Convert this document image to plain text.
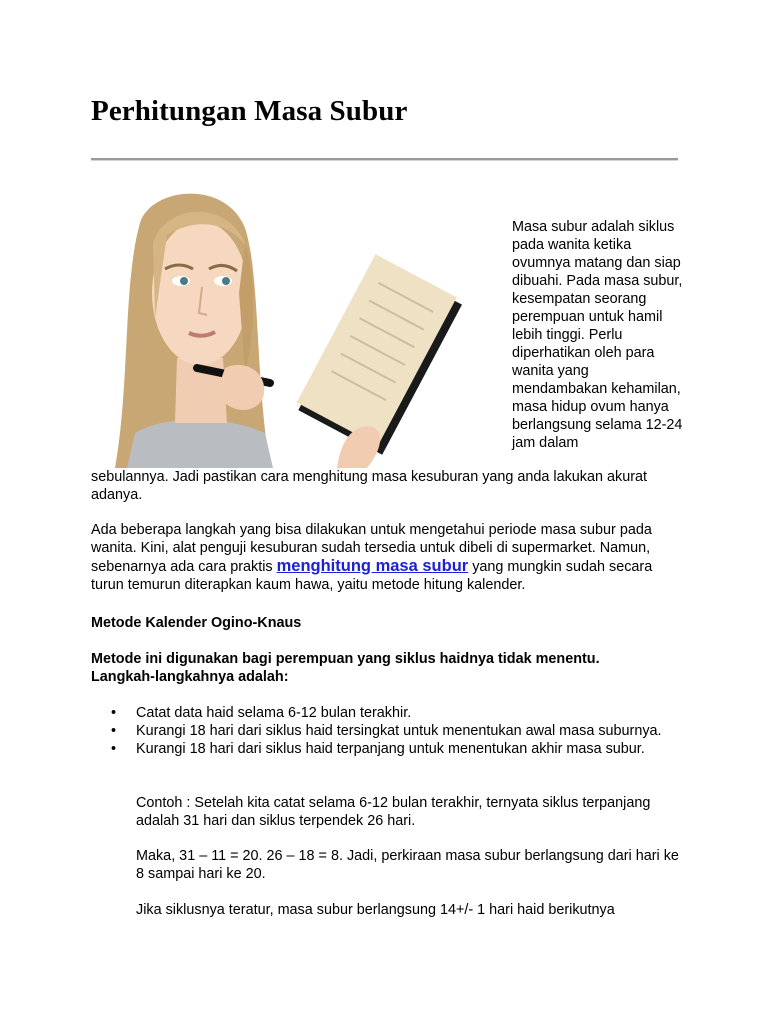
Perhitungan Masa Subur

Masa subur adalah siklus pada wanita ketika ovumnya matang dan siap dibuahi. Pada masa subur, kesempatan seorang perempuan untuk hamil lebih tinggi. Perlu diperhatikan oleh para wanita yang mendambakan kehamilan, masa hidup ovum hanya berlangsung selama 12-24 jam dalam

sebulannya. Jadi pastikan cara menghitung masa kesuburan yang anda lakukan akurat adanya.

Ada beberapa langkah yang bisa dilakukan untuk mengetahui periode masa subur pada wanita. Kini, alat penguji kesuburan sudah tersedia untuk dibeli di supermarket. Namun, sebenarnya ada cara praktis menghitung masa subur yang mungkin sudah secara turun temurun diterapkan kaum hawa, yaitu metode hitung kalender.

Metode Kalender Ogino-Knaus

Metode ini digunakan bagi perempuan yang siklus haidnya tidak menentu. Langkah-langkahnya adalah:

• Catat data haid selama 6-12 bulan terakhir.
• Kurangi 18 hari dari siklus haid tersingkat untuk menentukan awal masa suburnya.
• Kurangi 18 hari dari siklus haid terpanjang untuk menentukan akhir masa subur.

Contoh : Setelah kita catat selama 6-12 bulan terakhir, ternyata siklus terpanjang adalah 31 hari dan siklus terpendek 26 hari.

Maka, 31 – 11 = 20. 26 – 18 = 8. Jadi, perkiraan masa subur berlangsung dari hari ke 8 sampai hari ke 20.

Jika siklusnya teratur, masa subur berlangsung 14+/- 1 hari haid berikutnya
